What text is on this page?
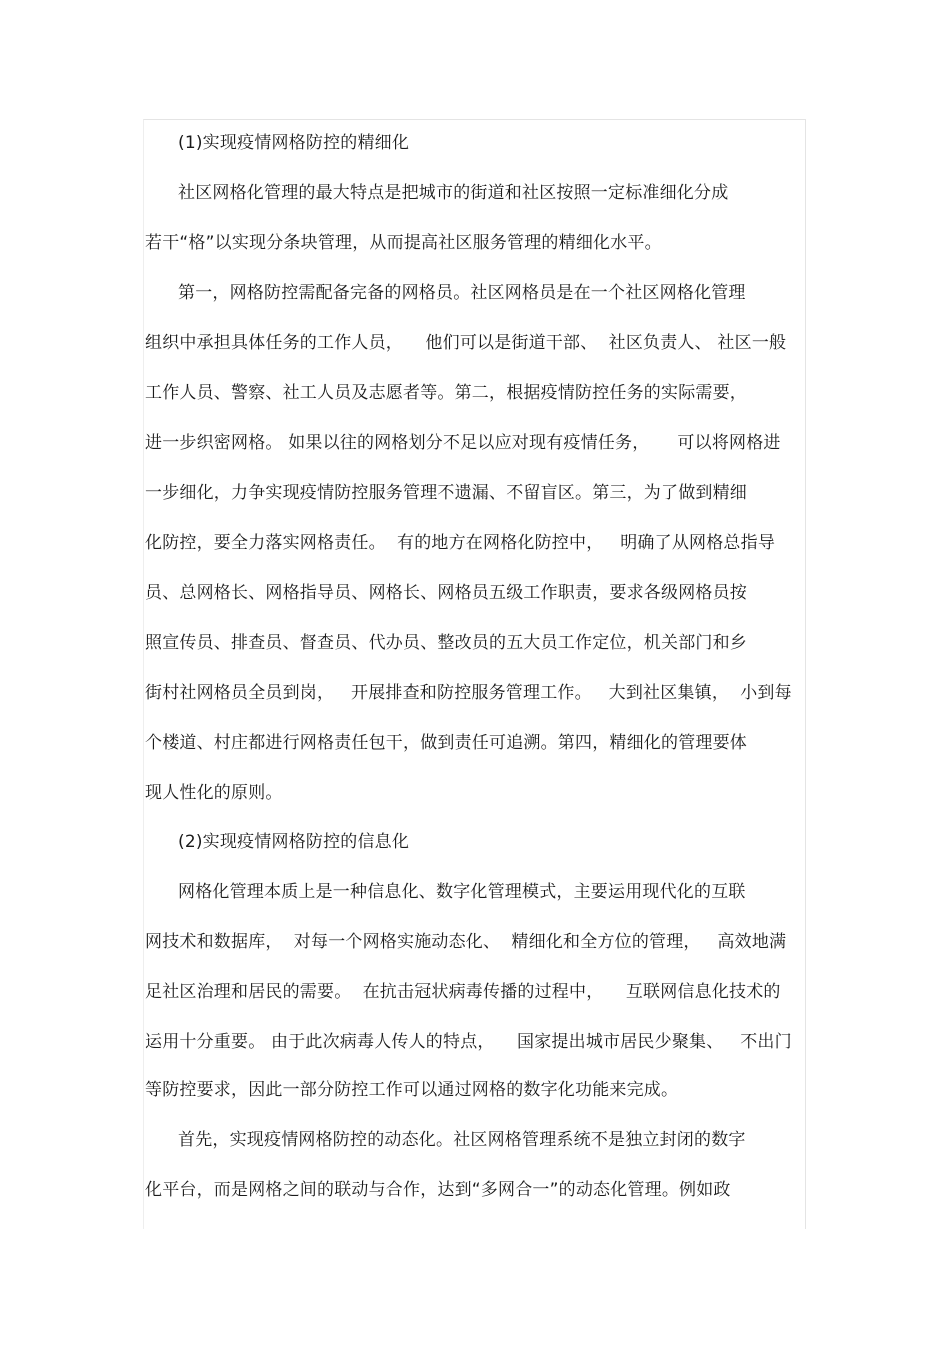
(1)实现疫情网格防控的精细化

社区网格化管理的最大特点是把城市的街道和社区按照一定标准细化分成

若干“格”以实现分条块管理，从而提高社区服务管理的精细化水平。

第一，网格防控需配备完备的网格员。社区网格员是在一个社区网格化管理

组织中承担具体任务的工作人员，    他们可以是街道干部、  社区负责人、 社区一般

工作人员、警察、社工人员及志愿者等。第二，根据疫情防控任务的实际需要，

进一步织密网格。 如果以往的网格划分不足以应对现有疫情任务，     可以将网格进

一步细化，力争实现疫情防控服务管理不遗漏、不留盲区。第三，为了做到精细

化防控，要全力落实网格责任。  有的地方在网格化防控中，   明确了从网格总指导

员、总网格长、网格指导员、网格长、网格员五级工作职责，要求各级网格员按

照宣传员、排查员、督查员、代办员、整改员的五大员工作定位，机关部门和乡

街村社网格员全员到岗，   开展排查和防控服务管理工作。   大到社区集镇，  小到每

个楼道、村庄都进行网格责任包干，做到责任可追溯。第四，精细化的管理要体

现人性化的原则。

(2)实现疫情网格防控的信息化

网格化管理本质上是一种信息化、数字化管理模式，主要运用现代化的互联

网技术和数据库，  对每一个网格实施动态化、  精细化和全方位的管理，   高效地满

足社区治理和居民的需要。  在抗击冠状病毒传播的过程中，    互联网信息化技术的

运用十分重要。 由于此次病毒人传人的特点，    国家提出城市居民少聚集、   不出门

等防控要求，因此一部分防控工作可以通过网格的数字化功能来完成。

首先，实现疫情网格防控的动态化。社区网格管理系统不是独立封闭的数字

化平台，而是网格之间的联动与合作，达到“多网合一”的动态化管理。例如政
